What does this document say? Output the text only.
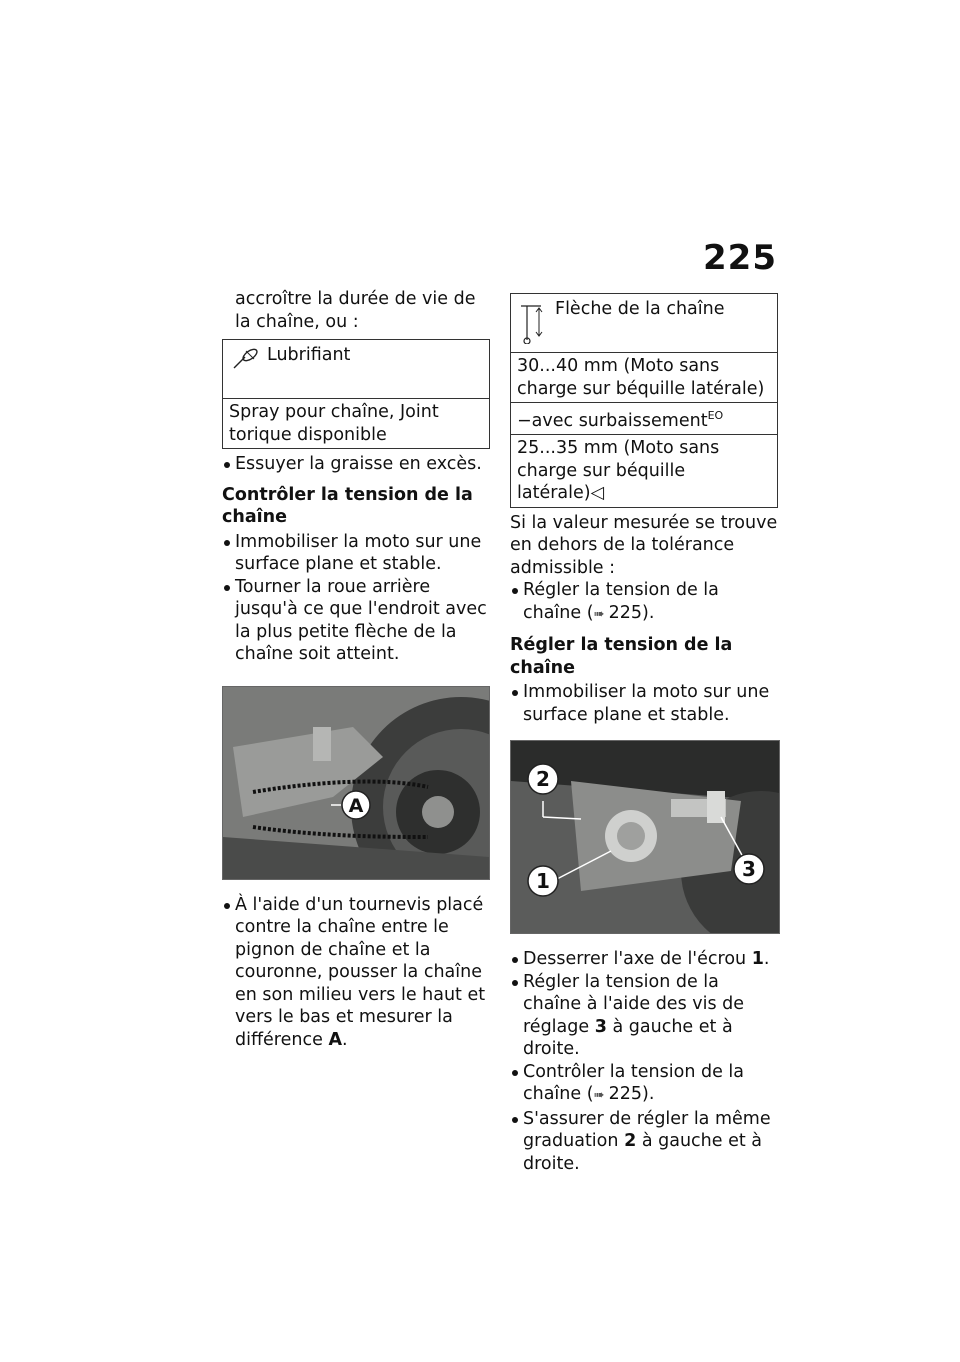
225

accroître la durée de vie de la chaîne, ou :

Lubrifiant
Spray pour chaîne, Joint torique disponible

Essuyer la graisse en excès.

Contrôler la tension de la chaîne

Immobiliser la moto sur une surface plane et stable.

Tourner la roue arrière jusqu'à ce que l'endroit avec la plus petite flèche de la chaîne soit atteint.

A

À l'aide d'un tournevis placé contre la chaîne entre le pignon de chaîne et la couronne, pousser la chaîne en son milieu vers le haut et vers le bas et mesurer la différence A.

Flèche de la chaîne
30...40 mm (Moto sans charge sur béquille latérale)
−avec surbaissement$^{EO}$
25...35 mm (Moto sans charge sur béquille latérale)◁

Si la valeur mesurée se trouve en dehors de la tolérance admissible :

Régler la tension de la chaîne (➠ 225).

Régler la tension de la chaîne

Immobiliser la moto sur une surface plane et stable.

2
1	3

Desserrer l'axe de l'écrou 1.

Régler la tension de la chaîne à l'aide des vis de réglage 3 à gauche et à droite.

Contrôler la tension de la chaîne (➠ 225).

S'assurer de régler la même graduation 2 à gauche et à droite.
